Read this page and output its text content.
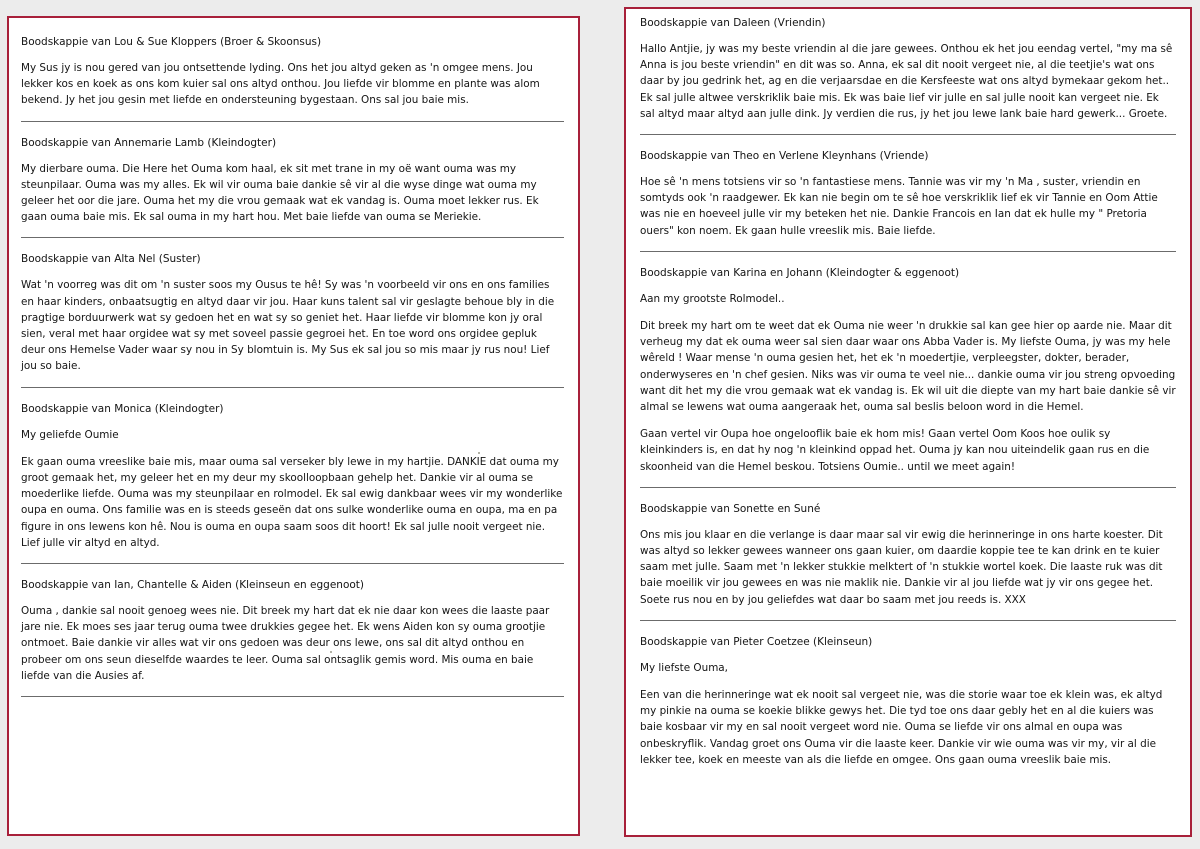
Boodskappie van Lou & Sue Kloppers (Broer & Skoonsus)

My Sus jy is nou gered van jou ontsettende lyding. Ons het jou altyd geken as 'n omgee mens. Jou lekker kos en koek as ons kom kuier sal ons altyd onthou. Jou liefde vir blomme en plante was alom bekend. Jy het jou gesin met liefde en ondersteuning bygestaan. Ons sal jou baie mis.

Boodskappie van Annemarie Lamb (Kleindogter)

My dierbare ouma. Die Here het Ouma kom haal, ek sit met trane in my oë want ouma was my steunpilaar. Ouma was my alles. Ek wil vir ouma baie dankie sê vir al die wyse dinge wat ouma my geleer het oor die jare. Ouma het my die vrou gemaak wat ek vandag is. Ouma moet lekker rus. Ek gaan ouma baie mis. Ek sal ouma in my hart hou. Met baie liefde van ouma se Meriekie.

Boodskappie van Alta Nel (Suster)

Wat 'n voorreg was dit om 'n suster soos my Ousus te hê! Sy was 'n voorbeeld vir ons en ons families en haar kinders, onbaatsugtig en altyd daar vir jou. Haar kuns talent sal vir geslagte behoue bly in die pragtige borduurwerk wat sy gedoen het en wat sy so geniet het. Haar liefde vir blomme kon jy oral sien, veral met haar orgidee wat sy met soveel passie gegroei het. En toe word ons orgidee gepluk deur ons Hemelse Vader waar sy nou in Sy blomtuin is. My Sus ek sal jou so mis maar jy rus nou! Lief jou so baie.

Boodskappie van Monica (Kleindogter)

My geliefde Oumie

Ek gaan ouma vreeslike baie mis, maar ouma sal verseker bly lewe in my hartjie. DANKIE dat ouma my groot gemaak het, my geleer het en my deur my skoolloopbaan gehelp het. Dankie vir al ouma se moederlike liefde. Ouma was my steunpilaar en rolmodel. Ek sal ewig dankbaar wees vir my wonderlike oupa en ouma. Ons familie was en is steeds geseën dat ons sulke wonderlike ouma en oupa, ma en pa figure in ons lewens kon hê. Nou is ouma en oupa saam soos dit hoort! Ek sal julle nooit vergeet nie. Lief julle vir altyd en altyd.

Boodskappie van Ian, Chantelle & Aiden (Kleinseun en eggenoot)

Ouma , dankie sal nooit genoeg wees nie. Dit breek my hart dat ek nie daar kon wees die laaste paar jare nie. Ek moes ses jaar terug ouma twee drukkies gegee het. Ek wens Aiden kon sy ouma grootjie ontmoet. Baie dankie vir alles wat vir ons gedoen was deur ons lewe, ons sal dit altyd onthou en probeer om ons seun dieselfde waardes te leer. Ouma sal ontsaglik gemis word. Mis ouma en baie liefde van die Ausies af.

Boodskappie van Daleen (Vriendin)

Hallo Antjie, jy was my beste vriendin al die jare gewees. Onthou ek het jou eendag vertel, "my ma sê Anna is jou beste vriendin" en dit was so. Anna, ek sal dit nooit vergeet nie, al die teetjie's wat ons daar by jou gedrink het, ag en die verjaarsdae en die Kersfeeste wat ons altyd bymekaar gekom het.. Ek sal julle altwee verskriklik baie mis. Ek was baie lief vir julle en sal julle nooit kan vergeet nie. Ek sal altyd maar altyd aan julle dink. Jy verdien die rus, jy het jou lewe lank baie hard gewerk... Groete.

Boodskappie van Theo en Verlene Kleynhans (Vriende)

Hoe sê 'n mens totsiens vir so 'n fantastiese mens. Tannie was vir my 'n Ma , suster, vriendin en somtyds ook 'n raadgewer. Ek kan nie begin om te sê hoe verskriklik lief ek vir Tannie en Oom Attie was nie en hoeveel julle vir my beteken het nie. Dankie Francois en Ian dat ek hulle my " Pretoria ouers" kon noem. Ek gaan hulle vreeslik mis. Baie liefde.

Boodskappie van Karina en Johann (Kleindogter & eggenoot)

Aan my grootste Rolmodel..

Dit breek my hart om te weet dat ek Ouma nie weer 'n drukkie sal kan gee hier op aarde nie. Maar dit verheug my dat ek ouma weer sal sien daar waar ons Abba Vader is. My liefste Ouma, jy was my hele wêreld ! Waar mense 'n ouma gesien het, het ek 'n moedertjie, verpleegster, dokter, berader, onderwyseres en 'n chef gesien. Niks was vir ouma te veel nie... dankie ouma vir jou streng opvoeding want dit het my die vrou gemaak wat ek vandag is. Ek wil uit die diepte van my hart baie dankie sê vir almal se lewens wat ouma aangeraak het, ouma sal beslis beloon word in die Hemel.

Gaan vertel vir Oupa hoe ongelooflik baie ek hom mis! Gaan vertel Oom Koos hoe oulik sy kleinkinders is, en dat hy nog 'n kleinkind oppad het. Ouma jy kan nou uiteindelik gaan rus en die skoonheid van die Hemel beskou. Totsiens Oumie.. until we meet again!

Boodskappie van Sonette en Suné

Ons mis jou klaar en die verlange is daar maar sal vir ewig die herinneringe in ons harte koester. Dit was altyd so lekker gewees wanneer ons gaan kuier, om daardie koppie tee te kan drink en te kuier saam met julle. Saam met 'n lekker stukkie melktert of 'n stukkie wortel koek. Die laaste ruk was dit baie moeilik vir jou gewees en was nie maklik nie. Dankie vir al jou liefde wat jy vir ons gegee het. Soete rus nou en by jou geliefdes wat daar bo saam met jou reeds is. XXX

Boodskappie van Pieter Coetzee (Kleinseun)

My liefste Ouma,

Een van die herinneringe wat ek nooit sal vergeet nie, was die storie waar toe ek klein was, ek altyd my pinkie na ouma se koekie blikke gewys het. Die tyd toe ons daar gebly het en al die kuiers was baie kosbaar vir my en sal nooit vergeet word nie. Ouma se liefde vir ons almal en oupa was onbeskryflik. Vandag groet ons Ouma vir die laaste keer. Dankie vir wie ouma was vir my, vir al die lekker tee, koek en meeste van als die liefde en omgee. Ons gaan ouma vreeslik baie mis.
